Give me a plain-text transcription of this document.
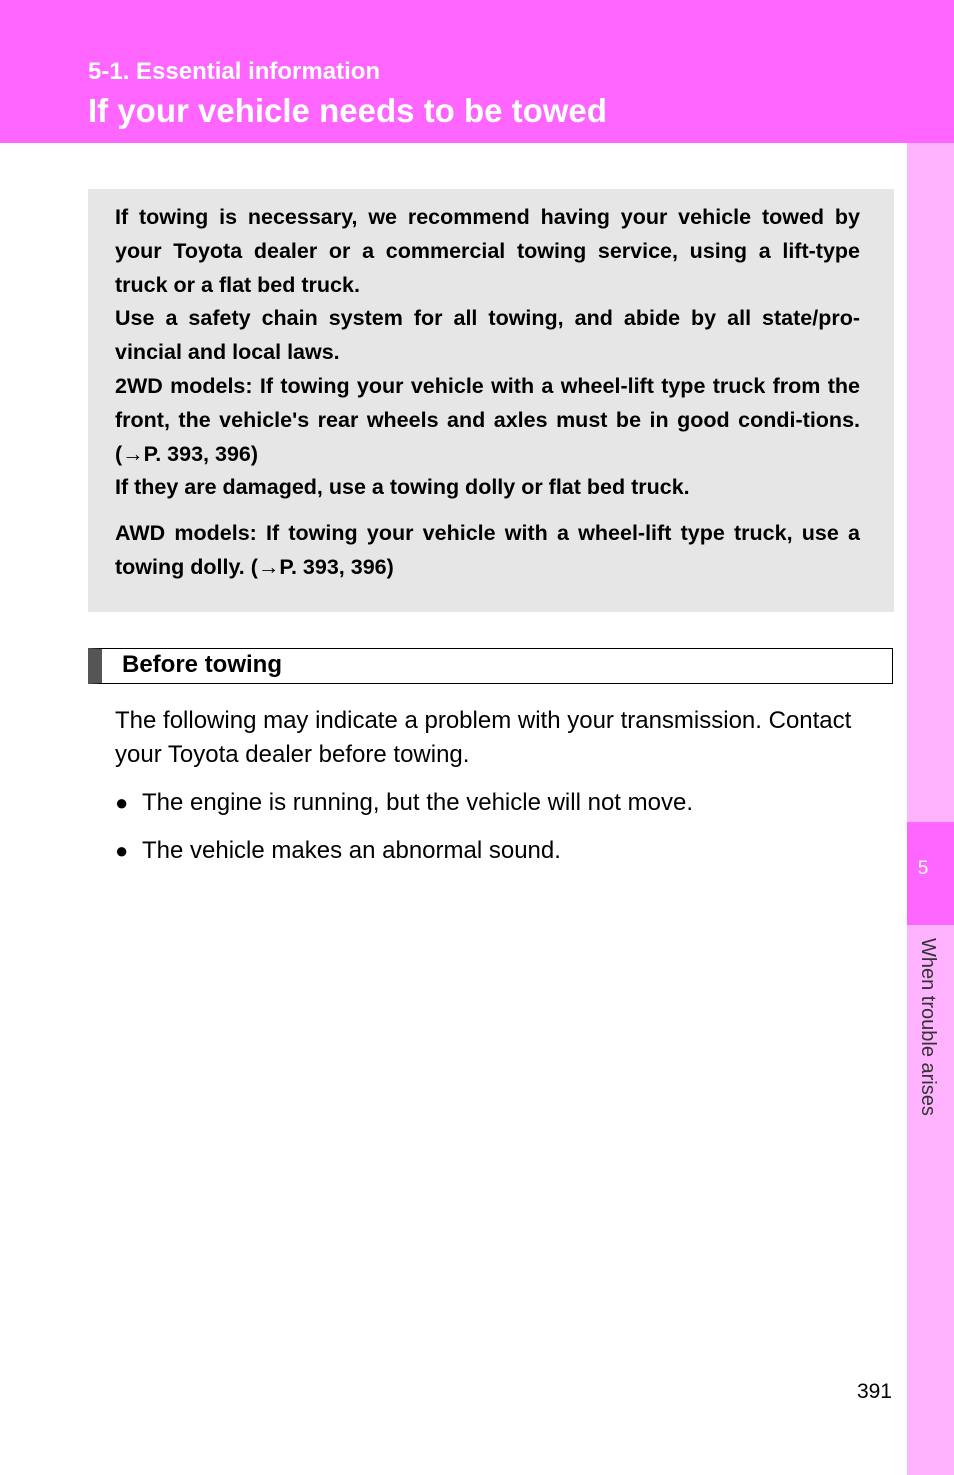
5-1. Essential information
If your vehicle needs to be towed
5
When trouble arises

If towing is necessary, we recommend having your vehicle towed by your Toyota dealer or a commercial towing service, using a lift-type truck or a flat bed truck.

Use a safety chain system for all towing, and abide by all state/pro-vincial and local laws.

2WD models: If towing your vehicle with a wheel-lift type truck from the front, the vehicle's rear wheels and axles must be in good condi-tions. (→P. 393, 396)

If they are damaged, use a towing dolly or flat bed truck.

AWD models: If towing your vehicle with a wheel-lift type truck, use a towing dolly. (→P. 393, 396)

Before towing

The following may indicate a problem with your transmission. Contact your Toyota dealer before towing.

● The engine is running, but the vehicle will not move.
● The vehicle makes an abnormal sound.
391
